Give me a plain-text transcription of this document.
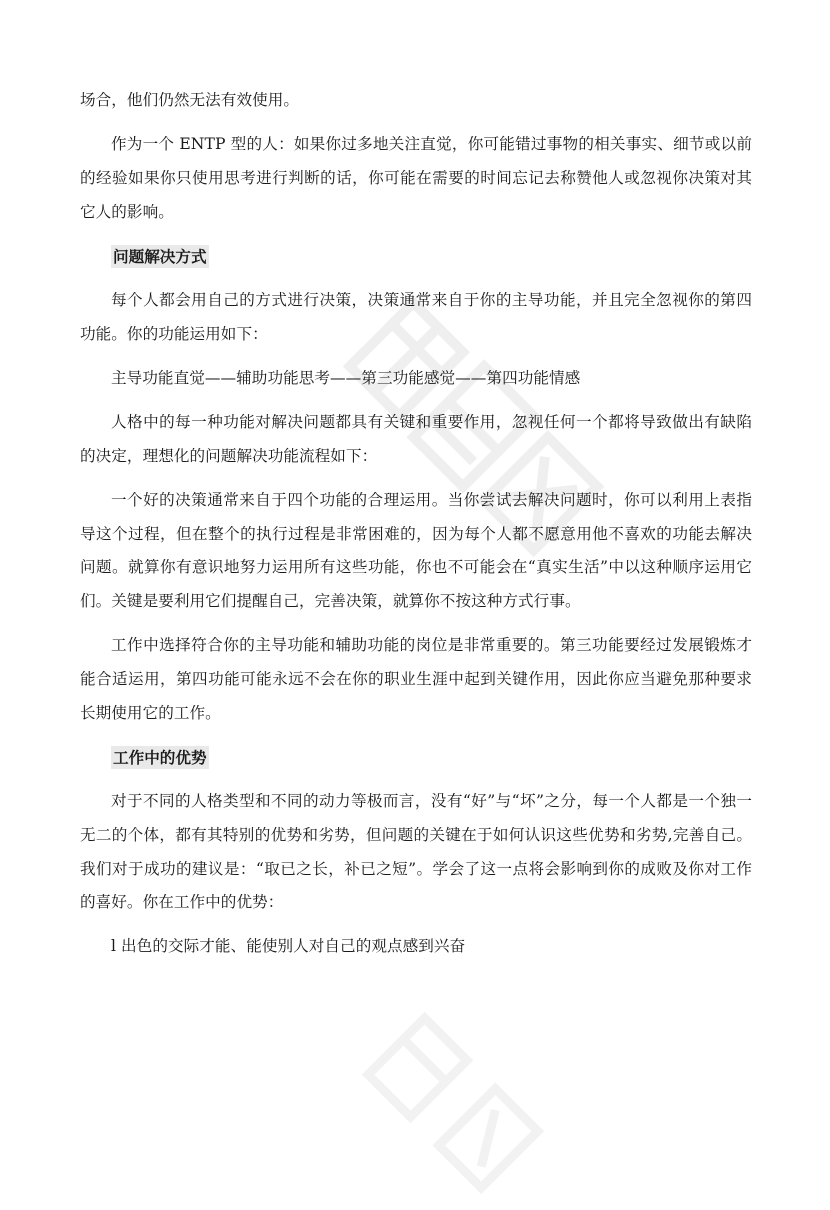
场合，他们仍然无法有效使用。

作为一个 ENTP 型的人：如果你过多地关注直觉，你可能错过事物的相关事实、细节或以前的经验如果你只使用思考进行判断的话，你可能在需要的时间忘记去称赞他人或忽视你决策对其它人的影响。

问题解决方式

每个人都会用自己的方式进行决策，决策通常来自于你的主导功能，并且完全忽视你的第四功能。你的功能运用如下：

主导功能直觉——辅助功能思考——第三功能感觉——第四功能情感

人格中的每一种功能对解决问题都具有关键和重要作用，忽视任何一个都将导致做出有缺陷的决定，理想化的问题解决功能流程如下：

一个好的决策通常来自于四个功能的合理运用。当你尝试去解决问题时，你可以利用上表指导这个过程，但在整个的执行过程是非常困难的，因为每个人都不愿意用他不喜欢的功能去解决问题。就算你有意识地努力运用所有这些功能，你也不可能会在“真实生活”中以这种顺序运用它们。关键是要利用它们提醒自己，完善决策，就算你不按这种方式行事。

工作中选择符合你的主导功能和辅助功能的岗位是非常重要的。第三功能要经过发展锻炼才能合适运用，第四功能可能永远不会在你的职业生涯中起到关键作用，因此你应当避免那种要求长期使用它的工作。

工作中的优势

对于不同的人格类型和不同的动力等极而言，没有“好”与“坏”之分，每一个人都是一个独一无二的个体，都有其特别的优势和劣势，但问题的关键在于如何认识这些优势和劣势,完善自己。我们对于成功的建议是：“取已之长，补已之短”。学会了这一点将会影响到你的成败及你对工作的喜好。你在工作中的优势：

l 出色的交际才能、能使别人对自己的观点感到兴奋
